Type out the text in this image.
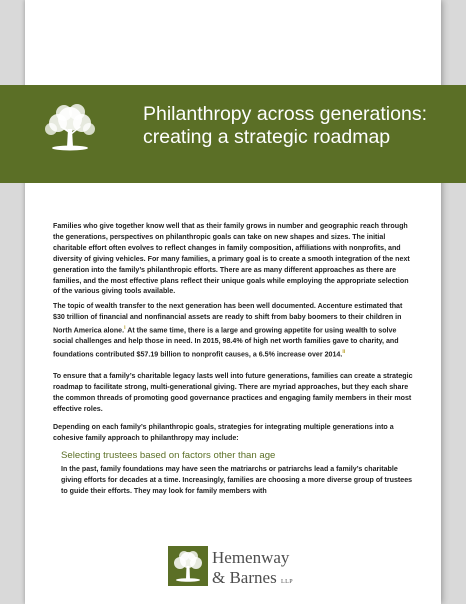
Philanthropy across generations: creating a strategic roadmap

Families who give together know well that as their family grows in number and geographic reach through the generations, perspectives on philanthropic goals can take on new shapes and sizes. The initial charitable effort often evolves to reflect changes in family composition, affiliations with nonprofits, and diversity of giving vehicles. For many families, a primary goal is to create a smooth integration of the next generation into the family’s philanthropic efforts. There are as many different approaches as there are families, and the most effective plans reflect their unique goals while employing the appropriate selection of the various giving tools available.

The topic of wealth transfer to the next generation has been well documented. Accenture estimated that $30 trillion of financial and nonfinancial assets are ready to shift from baby boomers to their children in North America alone.$^i$ At the same time, there is a large and growing appetite for using wealth to solve social challenges and help those in need. In 2015, 98.4% of high net worth families gave to charity, and foundations contributed $57.19 billion to nonprofit causes, a 6.5% increase over 2014.$^{ii}$

To ensure that a family’s charitable legacy lasts well into future generations, families can create a strategic roadmap to facilitate strong, multi-generational giving. There are myriad approaches, but they each share the common threads of promoting good governance practices and engaging family members in their most effective roles.

Depending on each family’s philanthropic goals, strategies for integrating multiple generations into a cohesive family approach to philanthropy may include:

In the past, family foundations may have seen the matriarchs or patriarchs lead a family’s charitable giving efforts for decades at a time. Increasingly, families are choosing a more diverse group of trustees to guide their efforts. They may look for family members with

Selecting trustees based on factors other than age
Hemenway
& Barnes LLP
